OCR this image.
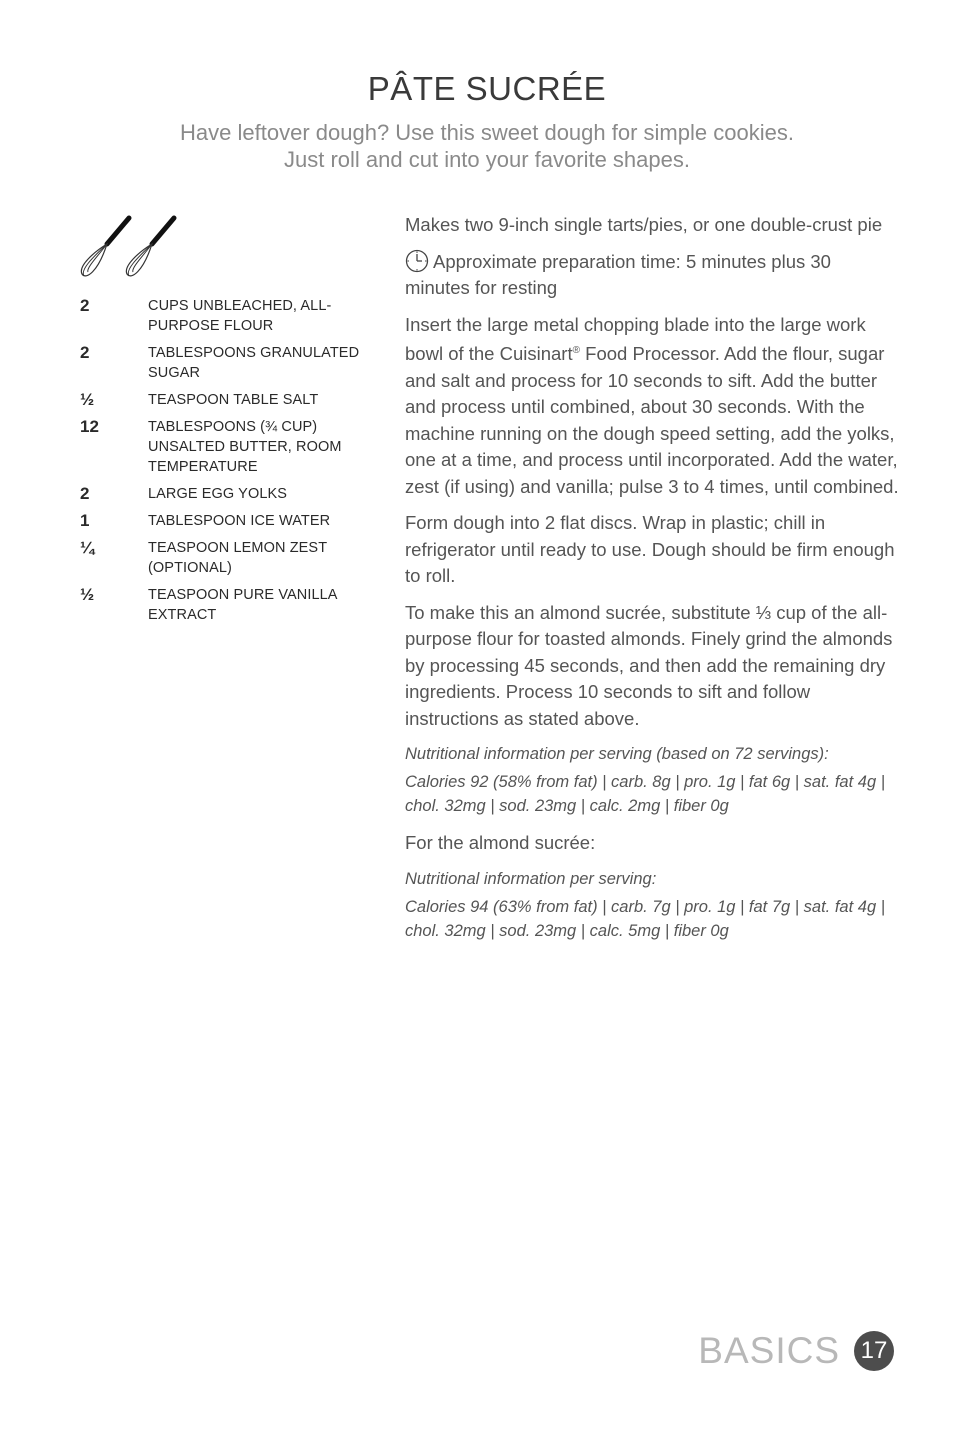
PÂTE SUCRÉE
Have leftover dough? Use this sweet dough for simple cookies.
Just roll and cut into your favorite shapes.
2	CUPS UNBLEACHED, ALL-PURPOSE FLOUR
2	TABLESPOONS GRANULATED SUGAR
½	TEASPOON TABLE SALT
12	TABLESPOONS (¾ CUP) UNSALTED BUTTER, ROOM TEMPERATURE
2	LARGE EGG YOLKS
1	TABLESPOON ICE WATER
¼	TEASPOON LEMON ZEST (OPTIONAL)
½	TEASPOON PURE VANILLA EXTRACT

Makes two 9-inch single tarts/pies, or one double-crust pie

Approximate preparation time: 5 minutes plus 30 minutes for resting

Insert the large metal chopping blade into the large work bowl of the Cuisinart® Food Processor. Add the flour, sugar and salt and process for 10 seconds to sift. Add the butter and process until combined, about 30 seconds. With the machine running on the dough speed setting, add the yolks, one at a time, and process until incorporated. Add the water, zest (if using) and vanilla; pulse 3 to 4 times, until combined.

Form dough into 2 flat discs. Wrap in plastic; chill in refrigerator until ready to use. Dough should be firm enough to roll.

To make this an almond sucrée, substitute ⅓ cup of the all-purpose flour for toasted almonds. Finely grind the almonds by processing 45 seconds, and then add the remaining dry ingredients. Process 10 seconds to sift and follow instructions as stated above.

Nutritional information per serving (based on 72 servings):

Calories 92 (58% from fat) | carb. 8g | pro. 1g | fat 6g | sat. fat 4g | chol. 32mg | sod. 23mg | calc. 2mg | fiber 0g

For the almond sucrée:

Nutritional information per serving:

Calories 94 (63% from fat) | carb. 7g | pro. 1g | fat 7g | sat. fat 4g | chol. 32mg | sod. 23mg | calc. 5mg | fiber 0g

BASICS 17
